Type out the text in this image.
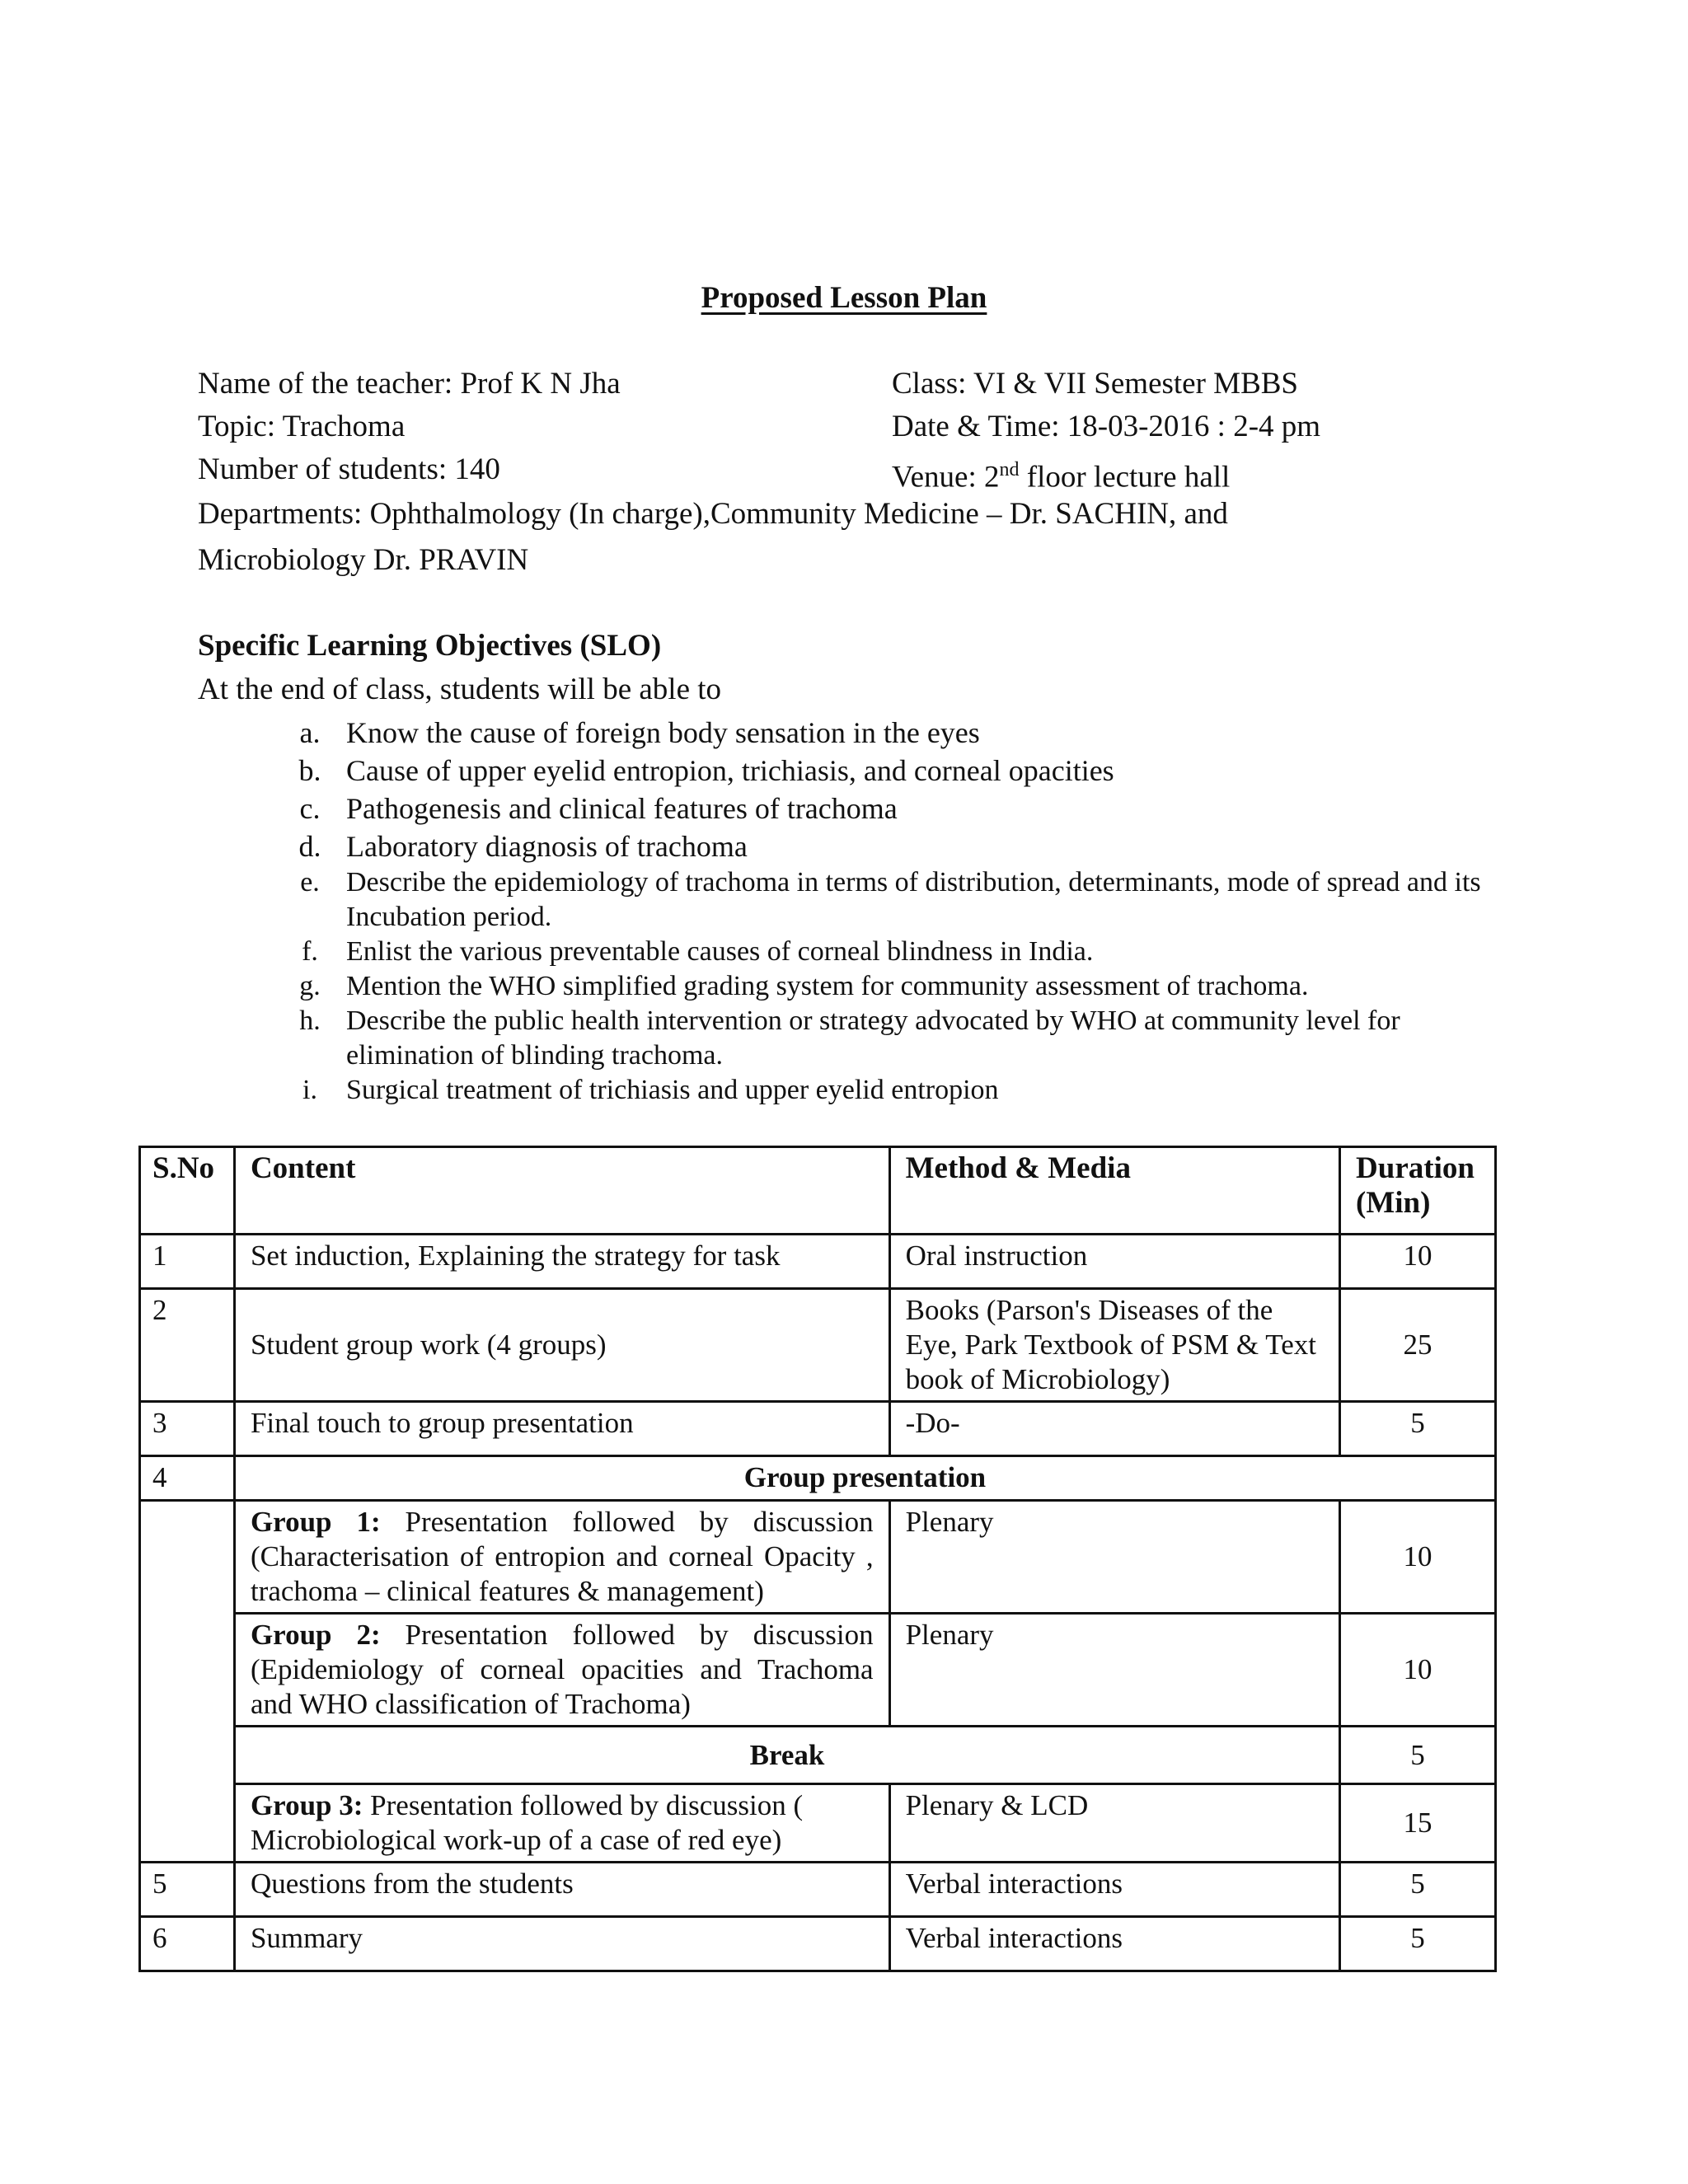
Proposed Lesson Plan
Name of the teacher: Prof K N Jha	Class: VI & VII Semester MBBS
Topic: Trachoma	Date & Time: 18-03-2016 : 2-4 pm
Number of students: 140	Venue: 2nd floor lecture hall
Departments: Ophthalmology (In charge),Community Medicine – Dr. SACHIN, and
Microbiology Dr. PRAVIN
Specific Learning Objectives (SLO)
At the end of class, students will be able to
a. Know the cause of foreign body sensation in the eyes
b. Cause of upper eyelid entropion, trichiasis, and corneal opacities
c. Pathogenesis and clinical features of trachoma
d. Laboratory diagnosis of trachoma
e. Describe the epidemiology of trachoma in terms of distribution, determinants, mode of spread and its Incubation period.
f.	Enlist the various preventable causes of corneal blindness in India.
g. Mention the WHO simplified grading system for community assessment of trachoma.
h. Describe the public health intervention or strategy advocated by WHO at community level for elimination of blinding trachoma.
i.	Surgical treatment of trichiasis and upper eyelid entropion
S.No	Content	Method & Media	Duration (Min)
1	Set induction, Explaining the strategy for task	Oral instruction	10
2	Student group work (4 groups)	Books (Parson's Diseases of the Eye, Park Textbook of PSM & Text book of Microbiology)	25
3	Final touch to group presentation	-Do-	5
4	Group presentation		
	Group 1: Presentation followed by discussion (Characterisation of entropion and corneal Opacity , trachoma – clinical features & management)	Plenary	10
	Group 2: Presentation followed by discussion (Epidemiology of corneal opacities and Trachoma and WHO classification of Trachoma)	Plenary	10
	Break		5
	Group 3: Presentation followed by discussion ( Microbiological work-up of a case of red eye)	Plenary & LCD	15
5	Questions from the students	Verbal interactions	5
6	Summary	Verbal interactions	5
